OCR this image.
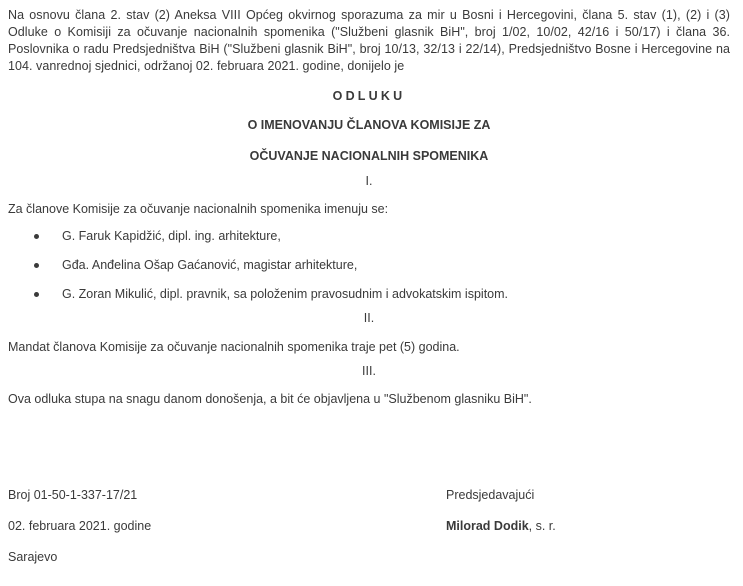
Na osnovu člana 2. stav (2) Aneksa VIII Općeg okvirnog sporazuma za mir u Bosni i Hercegovini, člana 5. stav (1), (2) i (3) Odluke o Komisiji za očuvanje nacionalnih spomenika ("Službeni glasnik BiH", broj 1/02, 10/02, 42/16 i 50/17) i člana 36. Poslovnika o radu Predsjedništva BiH ("Službeni glasnik BiH", broj 10/13, 32/13 i 22/14), Predsjedništvo Bosne i Hercegovine na 104. vanrednoj sjednici, održanoj 02. februara 2021. godine, donijelo je

ODLUKU

O IMENOVANJU ČLANOVA KOMISIJE ZA

OČUVANJE NACIONALNIH SPOMENIKA

I.

Za članove Komisije za očuvanje nacionalnih spomenika imenuju se:

G. Faruk Kapidžić, dipl. ing. arhitekture,
Gđa. Anđelina Ošap Gaćanović, magistar arhitekture,
G. Zoran Mikulić, dipl. pravnik, sa položenim pravosudnim i advokatskim ispitom.

II.

Mandat članova Komisije za očuvanje nacionalnih spomenika traje pet (5) godina.

III.

Ova odluka stupa na snagu danom donošenja, a bit će objavljena u "Službenom glasniku BiH".

Broj 01-50-1-337-17/21	Predsjedavajući
02. februara 2021. godine	Milorad Dodik, s. r.
Sarajevo
